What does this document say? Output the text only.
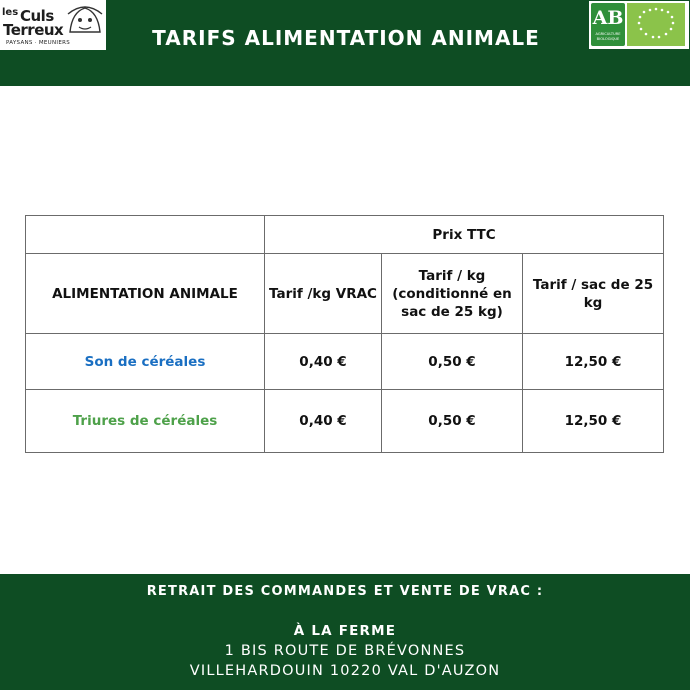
les Culs
Terreux
PAYSANS · MEUNIERS	TARIFS ALIMENTATION ANIMALE
AB
AGRICULTURE
BIOLOGIQUE
	Prix TTC		
ALIMENTATION ANIMALE	Tarif /kg VRAC	Tarif / kg (conditionné en sac de 25 kg)	Tarif / sac de 25 kg
Son de céréales	0,40 €	0,50 €	12,50 €
Triures de céréales	0,40 €	0,50 €	12,50 €
RETRAIT DES COMMANDES ET VENTE DE VRAC :
À LA FERME
1 BIS ROUTE DE BRÉVONNES
VILLEHARDOUIN 10220 VAL D'AUZON
